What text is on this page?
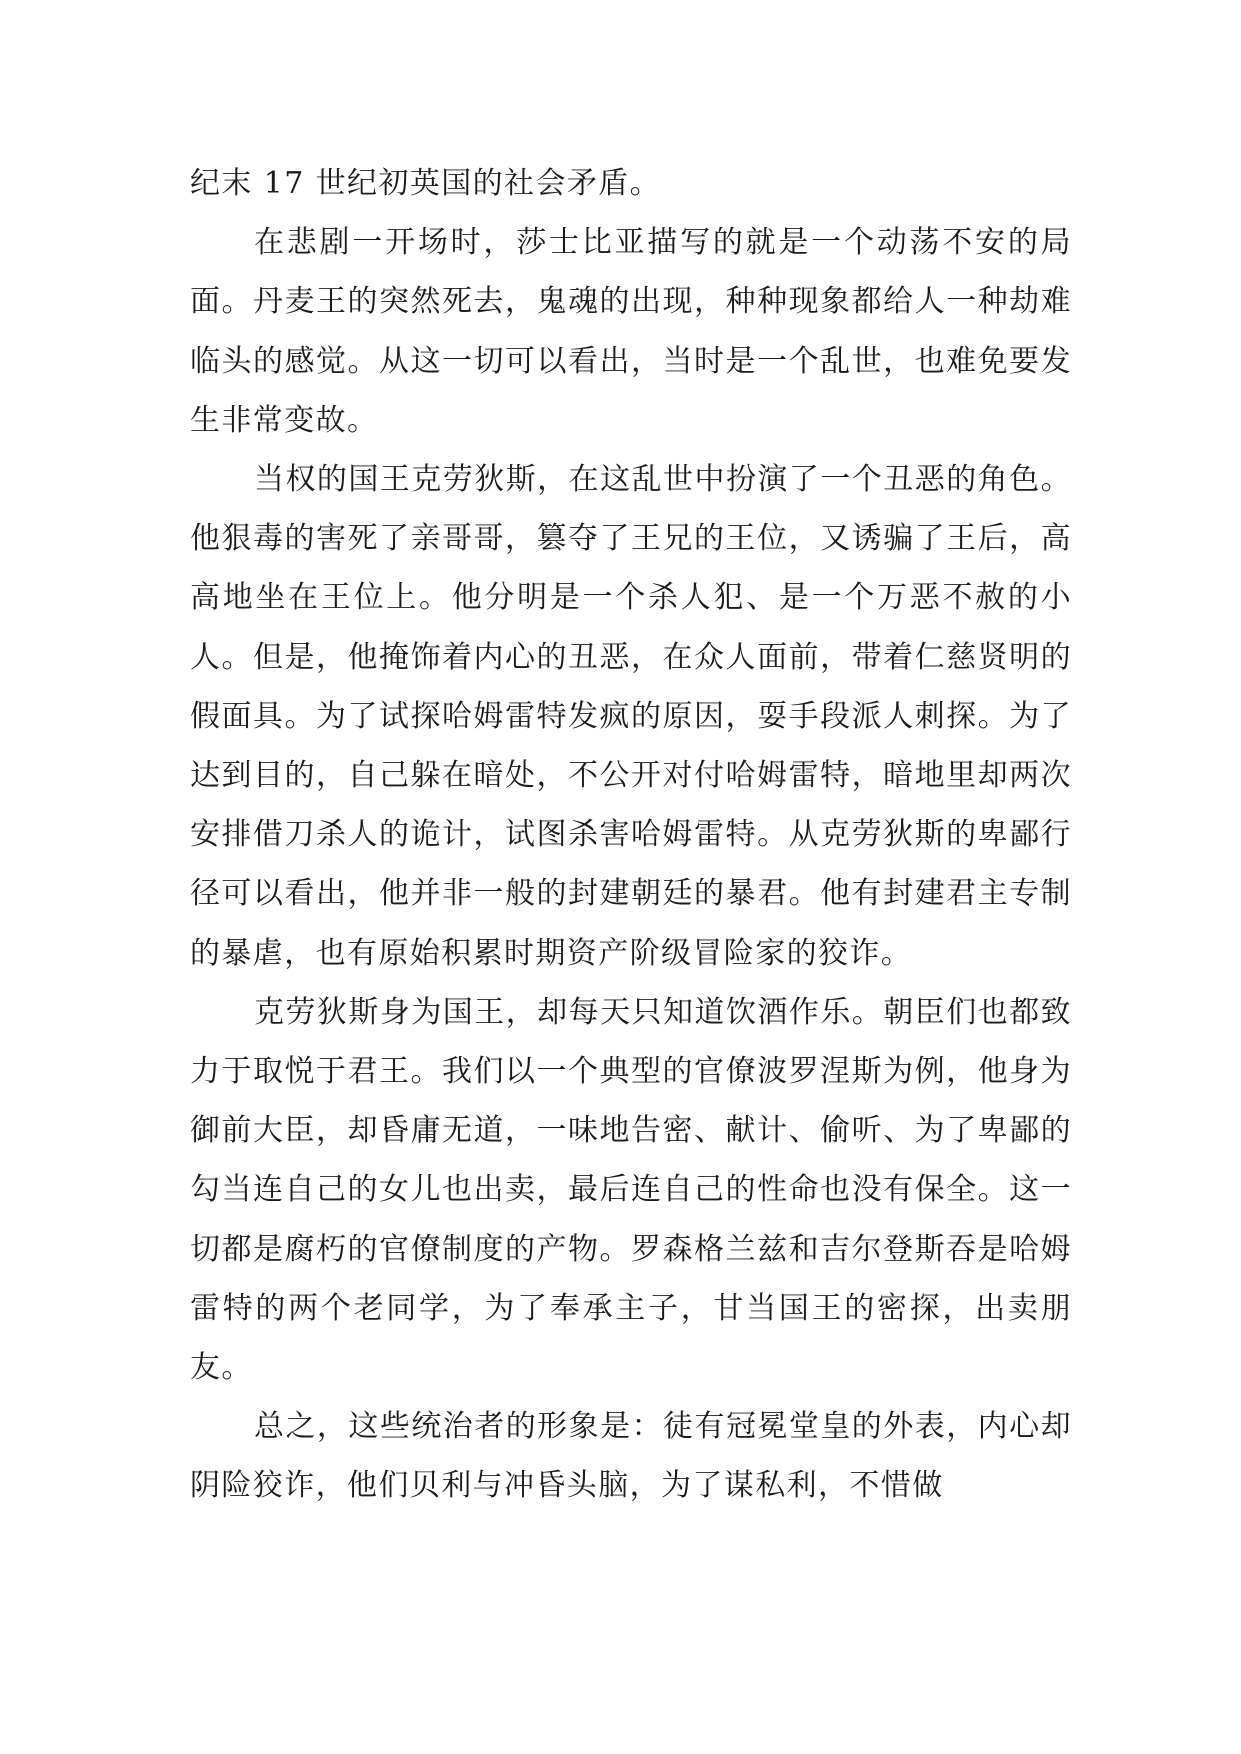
纪末 17 世纪初英国的社会矛盾。

在悲剧一开场时，莎士比亚描写的就是一个动荡不安的局面。丹麦王的突然死去，鬼魂的出现，种种现象都给人一种劫难临头的感觉。从这一切可以看出，当时是一个乱世，也难免要发生非常变故。

当权的国王克劳狄斯，在这乱世中扮演了一个丑恶的角色。他狠毒的害死了亲哥哥，篡夺了王兄的王位，又诱骗了王后，高高地坐在王位上。他分明是一个杀人犯、是一个万恶不赦的小人。但是，他掩饰着内心的丑恶，在众人面前，带着仁慈贤明的假面具。为了试探哈姆雷特发疯的原因，耍手段派人刺探。为了达到目的，自己躲在暗处，不公开对付哈姆雷特，暗地里却两次安排借刀杀人的诡计，试图杀害哈姆雷特。从克劳狄斯的卑鄙行径可以看出，他并非一般的封建朝廷的暴君。他有封建君主专制的暴虐，也有原始积累时期资产阶级冒险家的狡诈。

克劳狄斯身为国王，却每天只知道饮酒作乐。朝臣们也都致力于取悦于君王。我们以一个典型的官僚波罗涅斯为例，他身为御前大臣，却昏庸无道，一味地告密、献计、偷听、为了卑鄙的勾当连自己的女儿也出卖，最后连自己的性命也没有保全。这一切都是腐朽的官僚制度的产物。罗森格兰兹和吉尔登斯吞是哈姆雷特的两个老同学，为了奉承主子，甘当国王的密探，出卖朋友。

总之，这些统治者的形象是：徒有冠冕堂皇的外表，内心却阴险狡诈，他们贝利与冲昏头脑，为了谋私利，不惜做
